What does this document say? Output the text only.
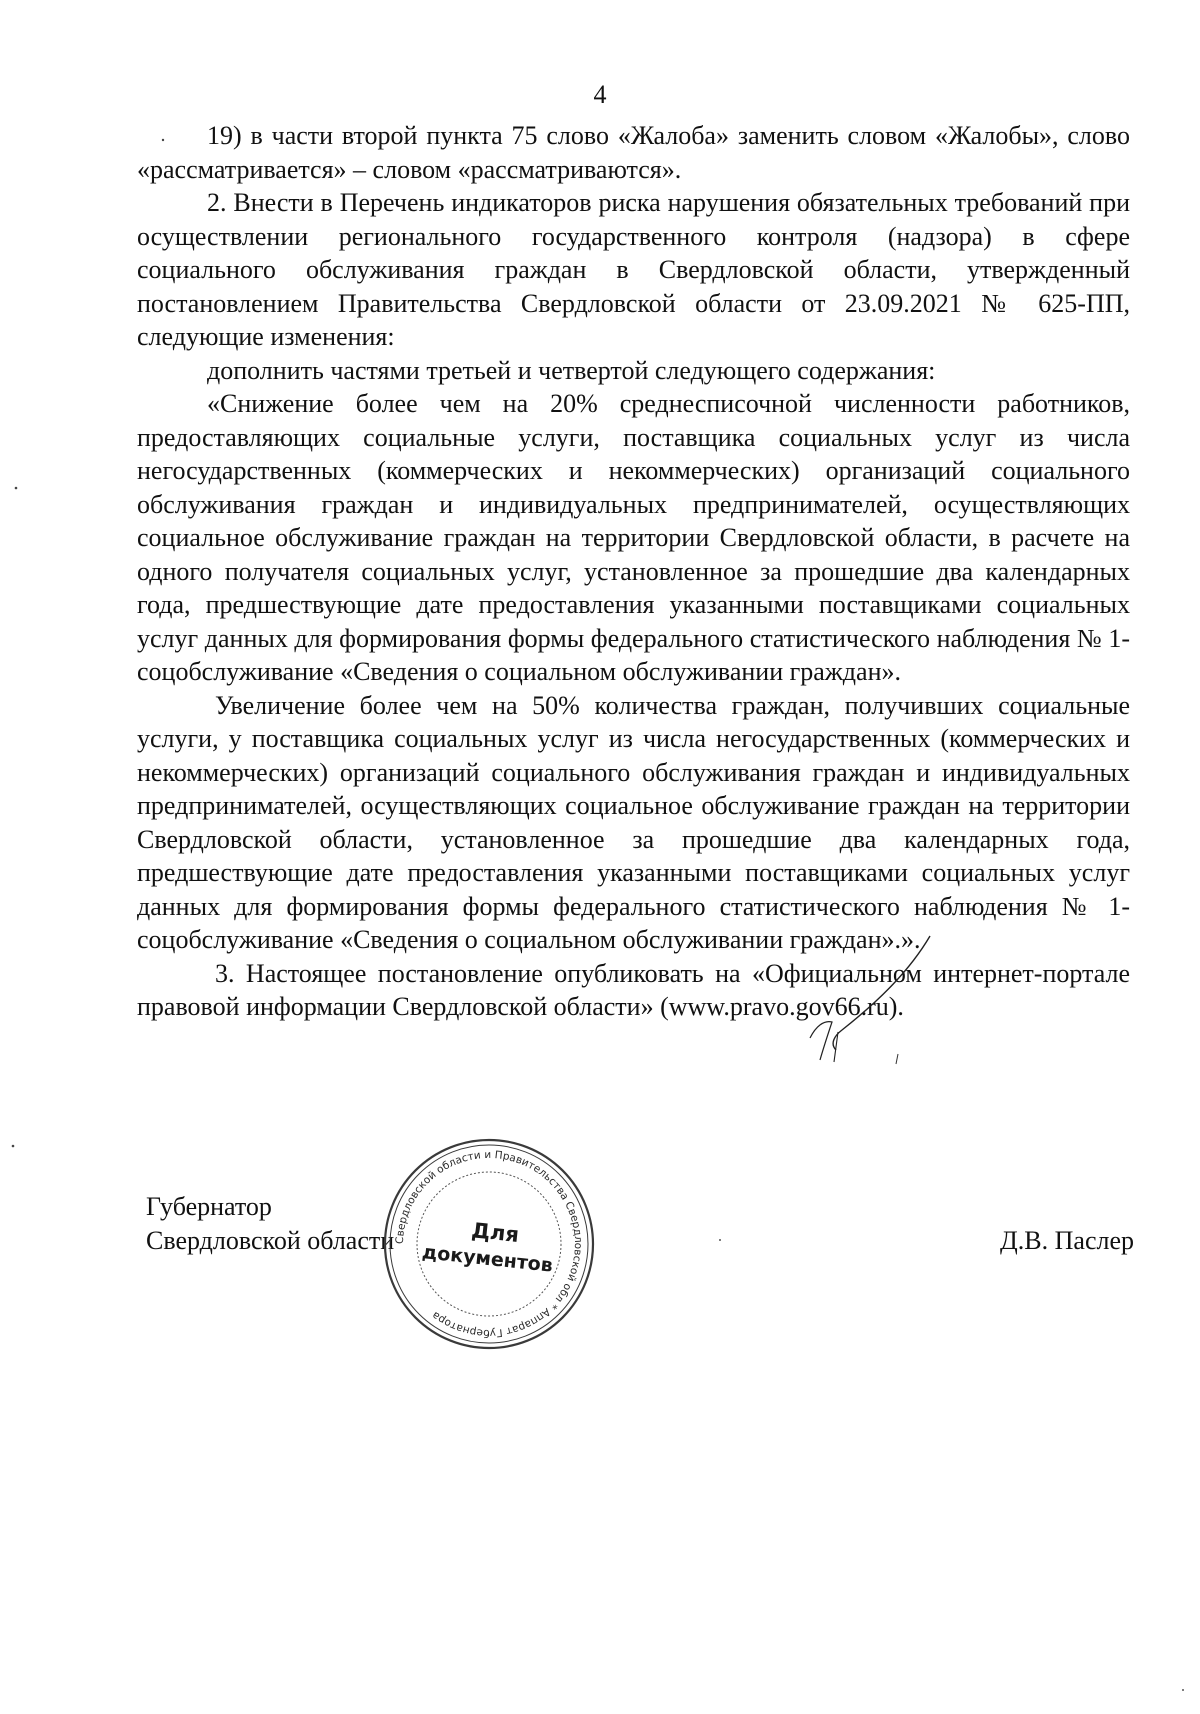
4

19) в части второй пункта 75 слово «Жалоба» заменить словом «Жалобы», слово «рассматривается» – словом «рассматриваются».

2. Внести в Перечень индикаторов риска нарушения обязательных требований при осуществлении регионального государственного контроля (надзора) в сфере социального обслуживания граждан в Свердловской области, утвержденный постановлением Правительства Свердловской области от 23.09.2021 № 625-ПП, следующие изменения:

дополнить частями третьей и четвертой следующего содержания:

«Снижение более чем на 20% среднесписочной численности работников, предоставляющих социальные услуги, поставщика социальных услуг из числа негосударственных (коммерческих и некоммерческих) организаций социального обслуживания граждан и индивидуальных предпринимателей, осуществляющих социальное обслуживание граждан на территории Свердловской области, в расчете на одного получателя социальных услуг, установленное за прошедшие два календарных года, предшествующие дате предоставления указанными поставщиками социальных услуг данных для формирования формы федерального статистического наблюдения № 1-соцобслуживание «Сведения о социальном обслуживании граждан».

Увеличение более чем на 50% количества граждан, получивших социальные услуги, у поставщика социальных услуг из числа негосударственных (коммерческих и некоммерческих) организаций социального обслуживания граждан и индивидуальных предпринимателей, осуществляющих социальное обслуживание граждан на территории Свердловской области, установленное за прошедшие два календарных года, предшествующие дате предоставления указанными поставщиками социальных услуг данных для формирования формы федерального статистического наблюдения № 1-соцобслуживание «Сведения о социальном обслуживании граждан».».

3. Настоящее постановление опубликовать на «Официальном интернет-портале правовой информации Свердловской области» (www.pravo.gov66.ru).

Губернатор
Свердловской области Свердловской области и Правительства Свердловской обл * Аппарат Губернатора
Для
документов
Д.В. Паслер
